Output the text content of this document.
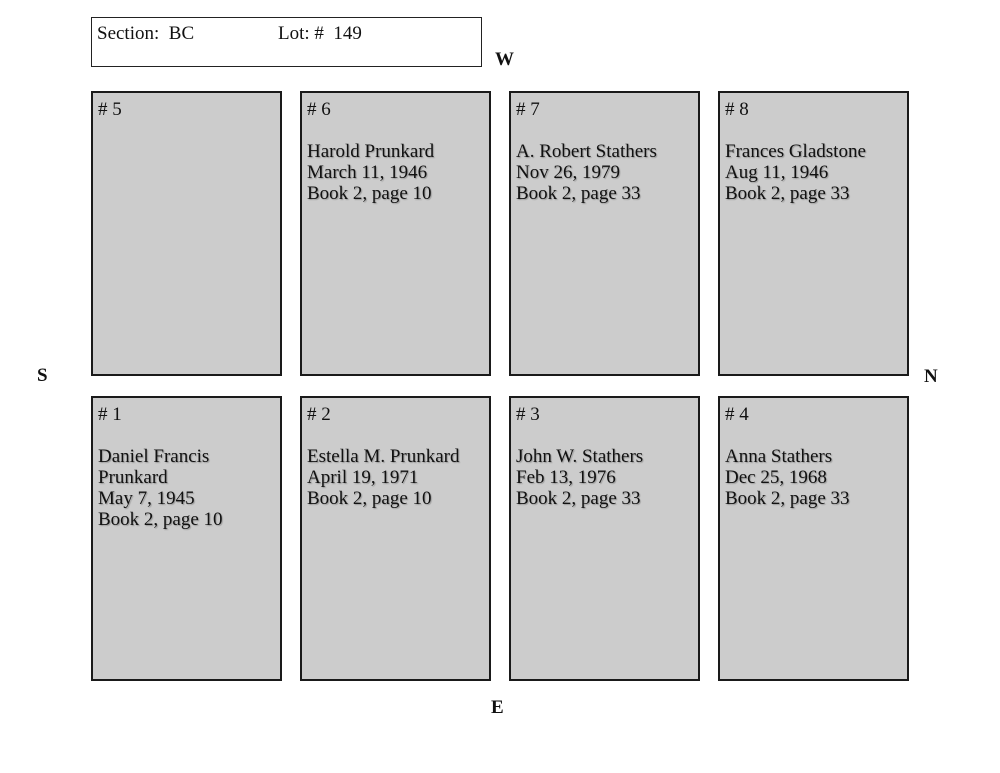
Section:  BC	Lot: #  149
W
E
S	N
# 5	# 6
Harold Prunkard
March 11, 1946
Book 2, page 10
# 7
A. Robert Stathers
Nov 26, 1979
Book 2, page 33
# 8
Frances Gladstone
Aug 11, 1946
Book 2, page 33
# 1
Daniel Francis
Prunkard
May 7, 1945
Book 2, page 10
# 2
Estella M. Prunkard
April 19, 1971
Book 2, page 10
# 3
John W. Stathers
Feb 13, 1976
Book 2, page 33
# 4
Anna Stathers
Dec 25, 1968
Book 2, page 33
